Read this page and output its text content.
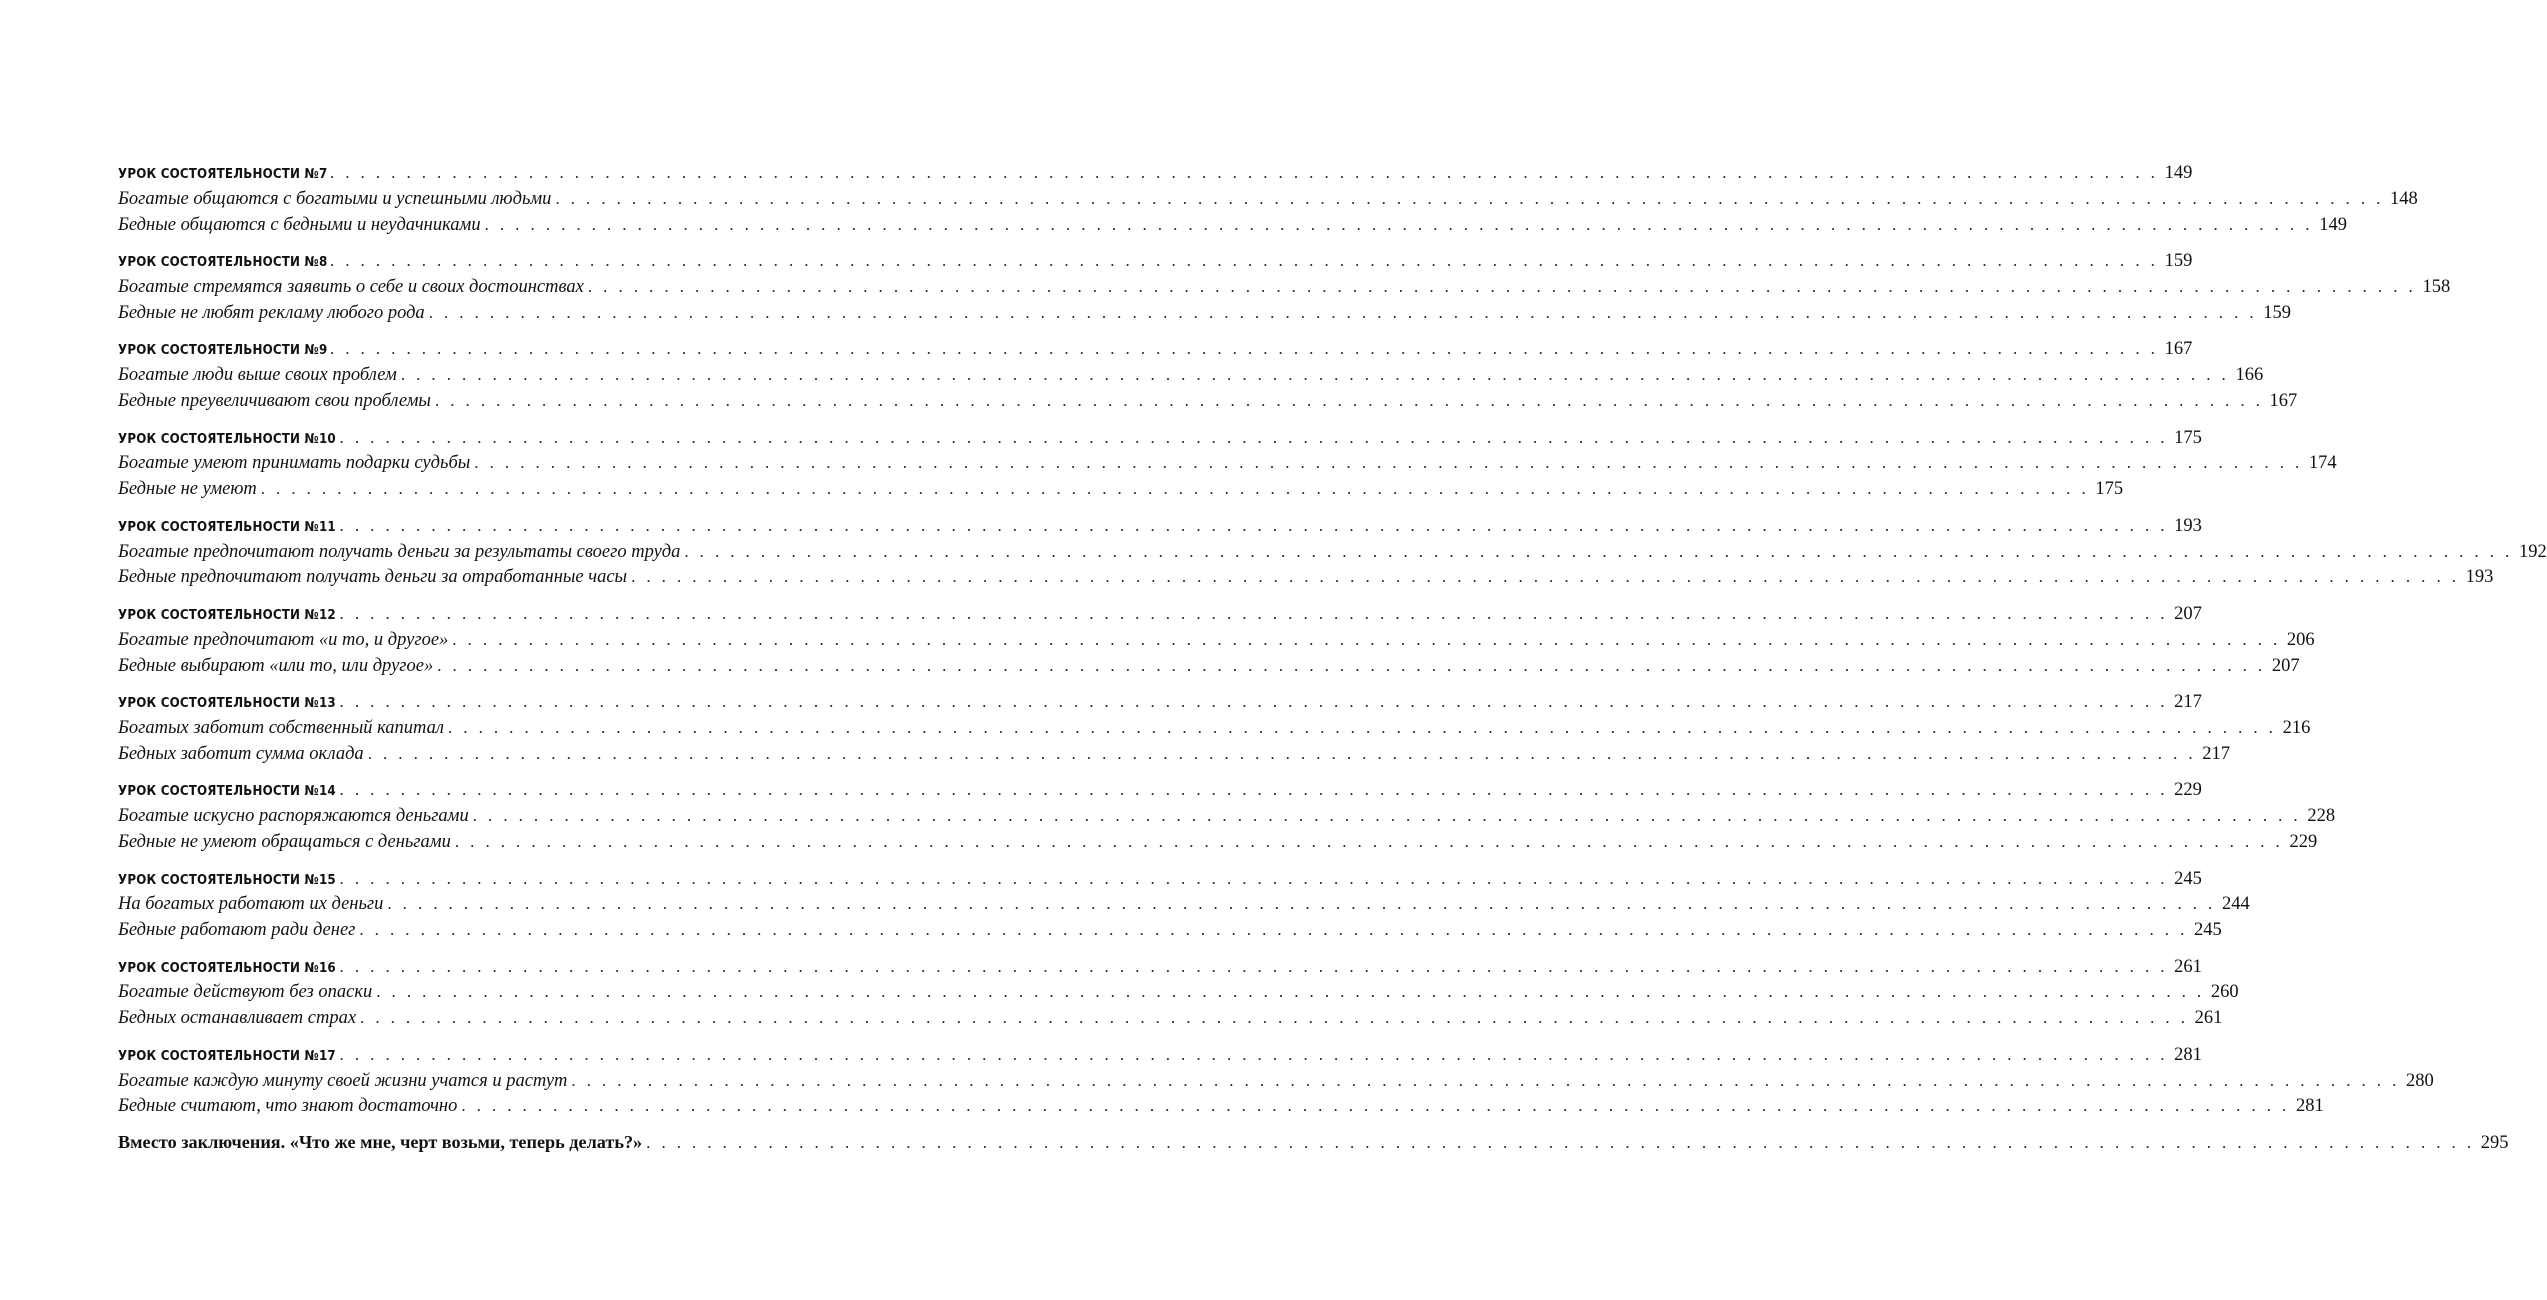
УРОК СОСТОЯТЕЛЬНОСТИ №7 . . . . . . . . . . . . . . . . . . . . . . . . . . . . . . . . . . . . . . . . . . . . . . . . . . . . . . . . . . . . . . . . . . . . . . . . . . . . . . . . . . . . . . . . . . . . . . . . . . . . . . . . . . . . . . . . . . . . . . . . 149
Богатые общаются с богатыми и успешными людьми . . . . . . . . . . . . . . . . . . . . . . . . . . . . . . . . . . . . . . . . . . . . . . . . . . . . . . . . . . . . . . . . . . . . . . . . . . . . . . . . . . . . . . . . . . . . . . . . . . . . . . . . . . . . . . . . . . . . . . . . 148
Бедные общаются с бедными и неудачниками . . . . . . . . . . . . . . . . . . . . . . . . . . . . . . . . . . . . . . . . . . . . . . . . . . . . . . . . . . . . . . . . . . . . . . . . . . . . . . . . . . . . . . . . . . . . . . . . . . . . . . . . . . . . . . . . . . . . . . . . 149
УРОК СОСТОЯТЕЛЬНОСТИ №8 . . . . . . . . . . . . . . . . . . . . . . . . . . . . . . . . . . . . . . . . . . . . . . . . . . . . . . . . . . . . . . . . . . . . . . . . . . . . . . . . . . . . . . . . . . . . . . . . . . . . . . . . . . . . . . . . . . . . . . . . 159
Богатые стремятся заявить о себе и своих достоинствах . . . . . . . . . . . . . . . . . . . . . . . . . . . . . . . . . . . . . . . . . . . . . . . . . . . . . . . . . . . . . . . . . . . . . . . . . . . . . . . . . . . . . . . . . . . . . . . . . . . . . . . . . . . . . . . . . . . . . . . . 158
Бедные не любят рекламу любого рода . . . . . . . . . . . . . . . . . . . . . . . . . . . . . . . . . . . . . . . . . . . . . . . . . . . . . . . . . . . . . . . . . . . . . . . . . . . . . . . . . . . . . . . . . . . . . . . . . . . . . . . . . . . . . . . . . . . . . . . . 159
УРОК СОСТОЯТЕЛЬНОСТИ №9 . . . . . . . . . . . . . . . . . . . . . . . . . . . . . . . . . . . . . . . . . . . . . . . . . . . . . . . . . . . . . . . . . . . . . . . . . . . . . . . . . . . . . . . . . . . . . . . . . . . . . . . . . . . . . . . . . . . . . . . . 167
Богатые люди выше своих проблем . . . . . . . . . . . . . . . . . . . . . . . . . . . . . . . . . . . . . . . . . . . . . . . . . . . . . . . . . . . . . . . . . . . . . . . . . . . . . . . . . . . . . . . . . . . . . . . . . . . . . . . . . . . . . . . . . . . . . . . . 166
Бедные преувеличивают свои проблемы . . . . . . . . . . . . . . . . . . . . . . . . . . . . . . . . . . . . . . . . . . . . . . . . . . . . . . . . . . . . . . . . . . . . . . . . . . . . . . . . . . . . . . . . . . . . . . . . . . . . . . . . . . . . . . . . . . . . . . . . 167
УРОК СОСТОЯТЕЛЬНОСТИ №10 . . . . . . . . . . . . . . . . . . . . . . . . . . . . . . . . . . . . . . . . . . . . . . . . . . . . . . . . . . . . . . . . . . . . . . . . . . . . . . . . . . . . . . . . . . . . . . . . . . . . . . . . . . . . . . . . . . . . . . . . 175
Богатые умеют принимать подарки судьбы . . . . . . . . . . . . . . . . . . . . . . . . . . . . . . . . . . . . . . . . . . . . . . . . . . . . . . . . . . . . . . . . . . . . . . . . . . . . . . . . . . . . . . . . . . . . . . . . . . . . . . . . . . . . . . . . . . . . . . . . 174
Бедные не умеют . . . . . . . . . . . . . . . . . . . . . . . . . . . . . . . . . . . . . . . . . . . . . . . . . . . . . . . . . . . . . . . . . . . . . . . . . . . . . . . . . . . . . . . . . . . . . . . . . . . . . . . . . . . . . . . . . . . . . . . . 175
УРОК СОСТОЯТЕЛЬНОСТИ №11 . . . . . . . . . . . . . . . . . . . . . . . . . . . . . . . . . . . . . . . . . . . . . . . . . . . . . . . . . . . . . . . . . . . . . . . . . . . . . . . . . . . . . . . . . . . . . . . . . . . . . . . . . . . . . . . . . . . . . . . . 193
Богатые предпочитают получать деньги за результаты своего труда . . . . . . . . . . . . . . . . . . . . . . . . . . . . . . . . . . . . . . . . . . . . . . . . . . . . . . . . . . . . . . . . . . . . . . . . . . . . . . . . . . . . . . . . . . . . . . . . . . . . . . . . . . . . . . . . . . . . . . . . 192
Бедные предпочитают получать деньги за отработанные часы . . . . . . . . . . . . . . . . . . . . . . . . . . . . . . . . . . . . . . . . . . . . . . . . . . . . . . . . . . . . . . . . . . . . . . . . . . . . . . . . . . . . . . . . . . . . . . . . . . . . . . . . . . . . . . . . . . . . . . . . 193
УРОК СОСТОЯТЕЛЬНОСТИ №12 . . . . . . . . . . . . . . . . . . . . . . . . . . . . . . . . . . . . . . . . . . . . . . . . . . . . . . . . . . . . . . . . . . . . . . . . . . . . . . . . . . . . . . . . . . . . . . . . . . . . . . . . . . . . . . . . . . . . . . . . 207
Богатые предпочитают «и то, и другое» . . . . . . . . . . . . . . . . . . . . . . . . . . . . . . . . . . . . . . . . . . . . . . . . . . . . . . . . . . . . . . . . . . . . . . . . . . . . . . . . . . . . . . . . . . . . . . . . . . . . . . . . . . . . . . . . . . . . . . . . 206
Бедные выбирают «или то, или другое» . . . . . . . . . . . . . . . . . . . . . . . . . . . . . . . . . . . . . . . . . . . . . . . . . . . . . . . . . . . . . . . . . . . . . . . . . . . . . . . . . . . . . . . . . . . . . . . . . . . . . . . . . . . . . . . . . . . . . . . . 207
УРОК СОСТОЯТЕЛЬНОСТИ №13 . . . . . . . . . . . . . . . . . . . . . . . . . . . . . . . . . . . . . . . . . . . . . . . . . . . . . . . . . . . . . . . . . . . . . . . . . . . . . . . . . . . . . . . . . . . . . . . . . . . . . . . . . . . . . . . . . . . . . . . . 217
Богатых заботит собственный капитал . . . . . . . . . . . . . . . . . . . . . . . . . . . . . . . . . . . . . . . . . . . . . . . . . . . . . . . . . . . . . . . . . . . . . . . . . . . . . . . . . . . . . . . . . . . . . . . . . . . . . . . . . . . . . . . . . . . . . . . . 216
Бедных заботит сумма оклада . . . . . . . . . . . . . . . . . . . . . . . . . . . . . . . . . . . . . . . . . . . . . . . . . . . . . . . . . . . . . . . . . . . . . . . . . . . . . . . . . . . . . . . . . . . . . . . . . . . . . . . . . . . . . . . . . . . . . . . . 217
УРОК СОСТОЯТЕЛЬНОСТИ №14 . . . . . . . . . . . . . . . . . . . . . . . . . . . . . . . . . . . . . . . . . . . . . . . . . . . . . . . . . . . . . . . . . . . . . . . . . . . . . . . . . . . . . . . . . . . . . . . . . . . . . . . . . . . . . . . . . . . . . . . . 229
Богатые искусно распоряжаются деньгами . . . . . . . . . . . . . . . . . . . . . . . . . . . . . . . . . . . . . . . . . . . . . . . . . . . . . . . . . . . . . . . . . . . . . . . . . . . . . . . . . . . . . . . . . . . . . . . . . . . . . . . . . . . . . . . . . . . . . . . . 228
Бедные не умеют обращаться с деньгами . . . . . . . . . . . . . . . . . . . . . . . . . . . . . . . . . . . . . . . . . . . . . . . . . . . . . . . . . . . . . . . . . . . . . . . . . . . . . . . . . . . . . . . . . . . . . . . . . . . . . . . . . . . . . . . . . . . . . . . . 229
УРОК СОСТОЯТЕЛЬНОСТИ №15 . . . . . . . . . . . . . . . . . . . . . . . . . . . . . . . . . . . . . . . . . . . . . . . . . . . . . . . . . . . . . . . . . . . . . . . . . . . . . . . . . . . . . . . . . . . . . . . . . . . . . . . . . . . . . . . . . . . . . . . . 245
На богатых работают их деньги . . . . . . . . . . . . . . . . . . . . . . . . . . . . . . . . . . . . . . . . . . . . . . . . . . . . . . . . . . . . . . . . . . . . . . . . . . . . . . . . . . . . . . . . . . . . . . . . . . . . . . . . . . . . . . . . . . . . . . . . 244
Бедные работают ради денег . . . . . . . . . . . . . . . . . . . . . . . . . . . . . . . . . . . . . . . . . . . . . . . . . . . . . . . . . . . . . . . . . . . . . . . . . . . . . . . . . . . . . . . . . . . . . . . . . . . . . . . . . . . . . . . . . . . . . . . . 245
УРОК СОСТОЯТЕЛЬНОСТИ №16 . . . . . . . . . . . . . . . . . . . . . . . . . . . . . . . . . . . . . . . . . . . . . . . . . . . . . . . . . . . . . . . . . . . . . . . . . . . . . . . . . . . . . . . . . . . . . . . . . . . . . . . . . . . . . . . . . . . . . . . . 261
Богатые действуют без опаски . . . . . . . . . . . . . . . . . . . . . . . . . . . . . . . . . . . . . . . . . . . . . . . . . . . . . . . . . . . . . . . . . . . . . . . . . . . . . . . . . . . . . . . . . . . . . . . . . . . . . . . . . . . . . . . . . . . . . . . . 260
Бедных останавливает страх . . . . . . . . . . . . . . . . . . . . . . . . . . . . . . . . . . . . . . . . . . . . . . . . . . . . . . . . . . . . . . . . . . . . . . . . . . . . . . . . . . . . . . . . . . . . . . . . . . . . . . . . . . . . . . . . . . . . . . . . 261
УРОК СОСТОЯТЕЛЬНОСТИ №17 . . . . . . . . . . . . . . . . . . . . . . . . . . . . . . . . . . . . . . . . . . . . . . . . . . . . . . . . . . . . . . . . . . . . . . . . . . . . . . . . . . . . . . . . . . . . . . . . . . . . . . . . . . . . . . . . . . . . . . . . 281
Богатые каждую минуту своей жизни учатся и растут . . . . . . . . . . . . . . . . . . . . . . . . . . . . . . . . . . . . . . . . . . . . . . . . . . . . . . . . . . . . . . . . . . . . . . . . . . . . . . . . . . . . . . . . . . . . . . . . . . . . . . . . . . . . . . . . . . . . . . . . 280
Бедные считают, что знают достаточно . . . . . . . . . . . . . . . . . . . . . . . . . . . . . . . . . . . . . . . . . . . . . . . . . . . . . . . . . . . . . . . . . . . . . . . . . . . . . . . . . . . . . . . . . . . . . . . . . . . . . . . . . . . . . . . . . . . . . . . . 281
Вместо заключения. «Что же мне, черт возьми, теперь делать?» . . . . . . . . . . . . . . . . . . . . . . . . . . . . . . . . . . . . . . . . . . . . . . . . . . . . . . . . . . . . . . . . . . . . . . . . . . . . . . . . . . . . . . . . . . . . . . . . . . . . . . . . . . . . . . . . . . . . . . . . 295
